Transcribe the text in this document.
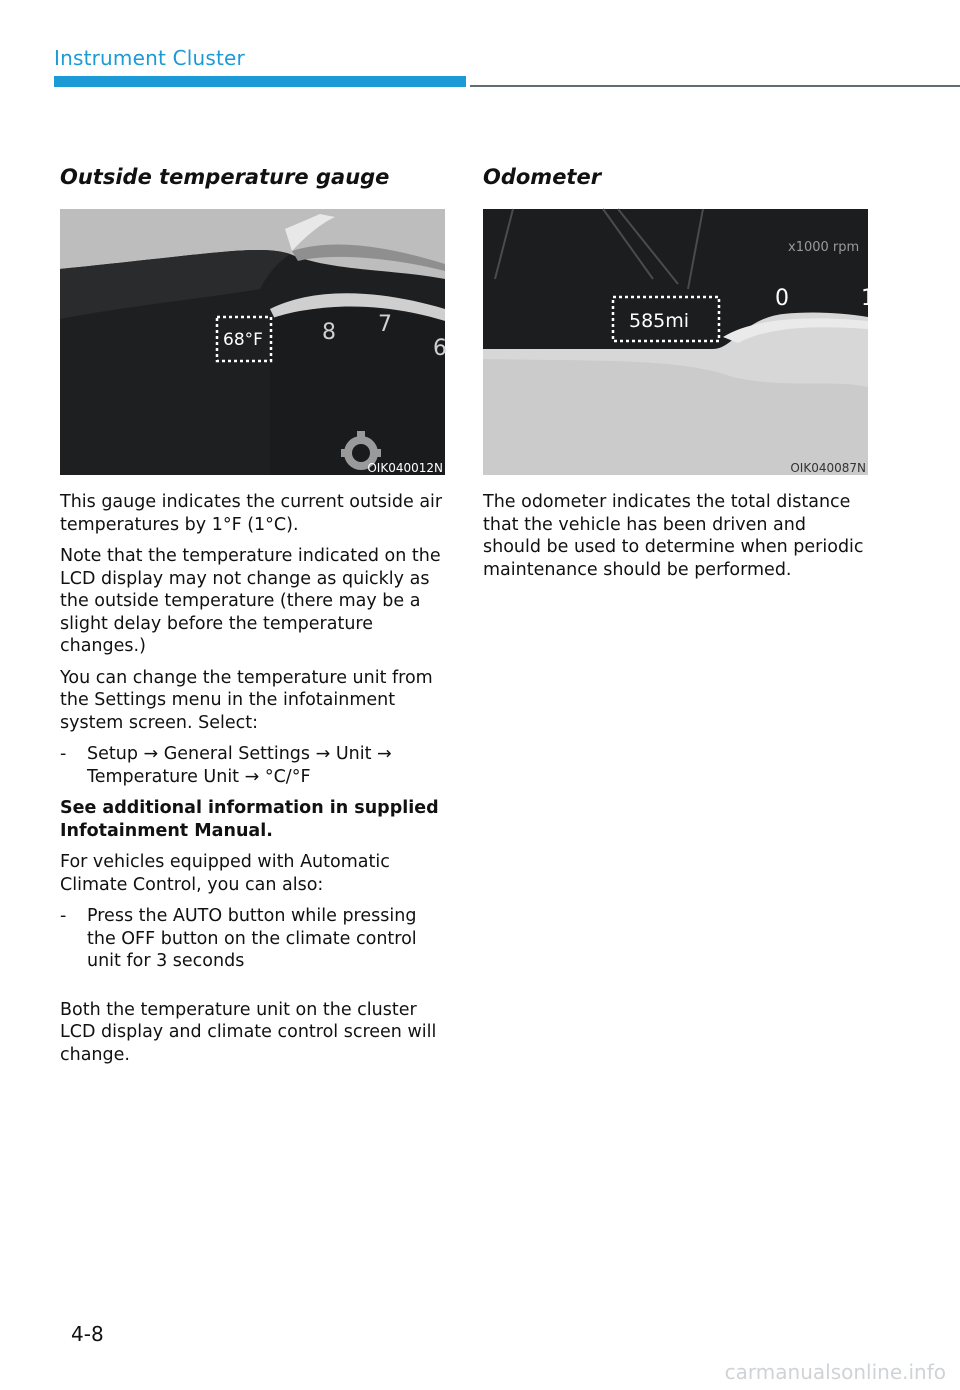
Instrument Cluster
Outside temperature gauge
8 7
6
68°F
OIK040012N

This gauge indicates the current outside air temperatures by 1°F (1°C).

Note that the temperature indicated on the LCD display may not change as quickly as the outside temperature (there may be a slight delay before the temperature changes.)

You can change the temperature unit from the Settings menu in the infotainment system screen. Select:

- Setup → General Settings → Unit → Temperature Unit → °C/°F

See additional information in supplied Infotainment Manual.

For vehicles equipped with Automatic Climate Control, you can also:

- Press the AUTO button while pressing the OFF button on the climate control unit for 3 seconds

Both the temperature unit on the cluster LCD display and climate control screen will change.

Odometer
x1000 rpm
0	1
585mi
OIK040087N

The odometer indicates the total distance that the vehicle has been driven and should be used to determine when periodic maintenance should be performed.

4-8
carmanualsonline.info
